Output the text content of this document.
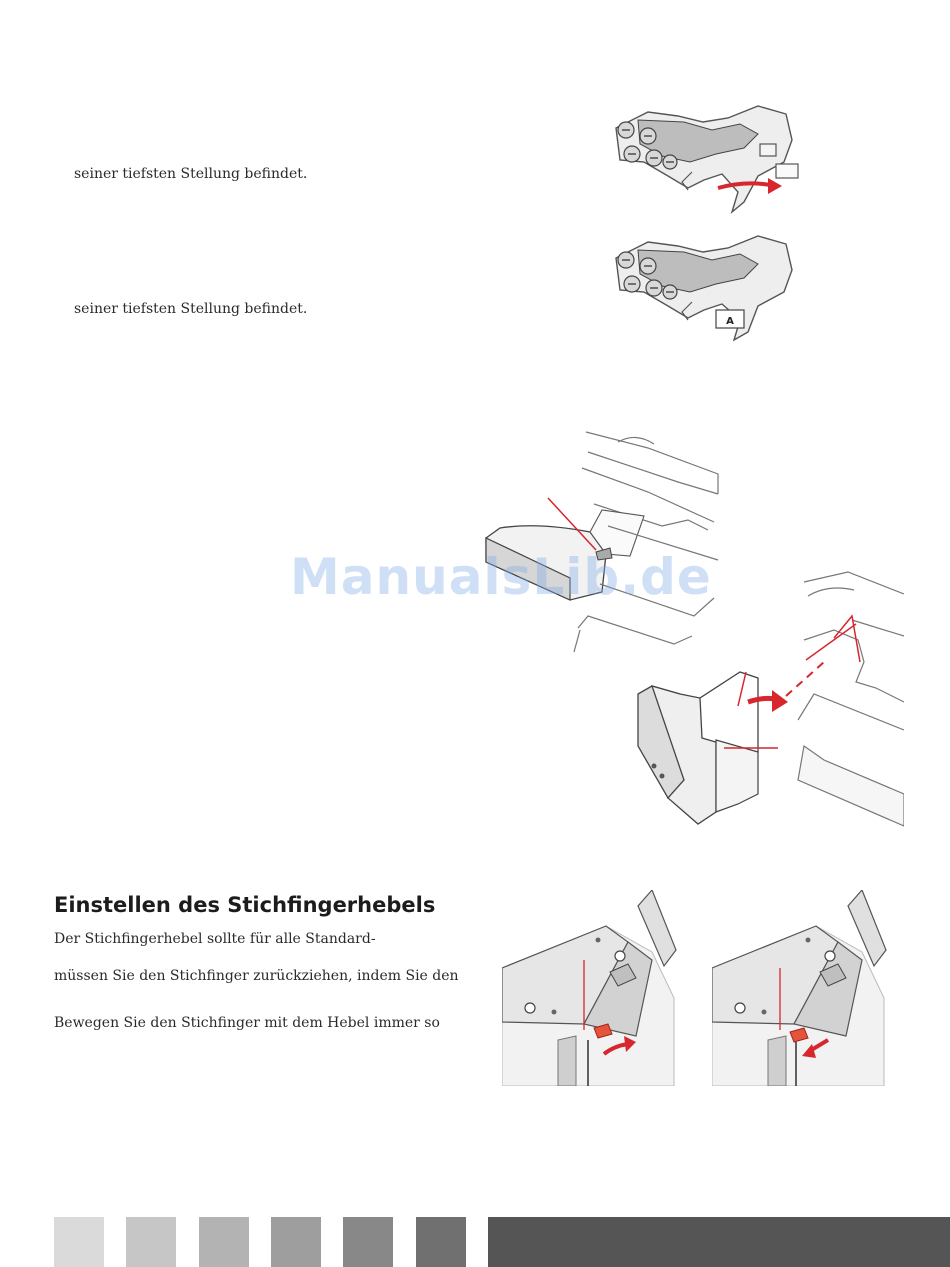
seiner tiefsten Stellung befindet.
seiner tiefsten Stellung befindet.
A
ManualsLib.de
Einstellen des Stichfingerhebels
Der Stichfingerhebel sollte für alle Standard-
müssen Sie den Stichfinger zurückziehen, indem Sie den
Bewegen Sie den Stichfinger mit dem Hebel immer so
